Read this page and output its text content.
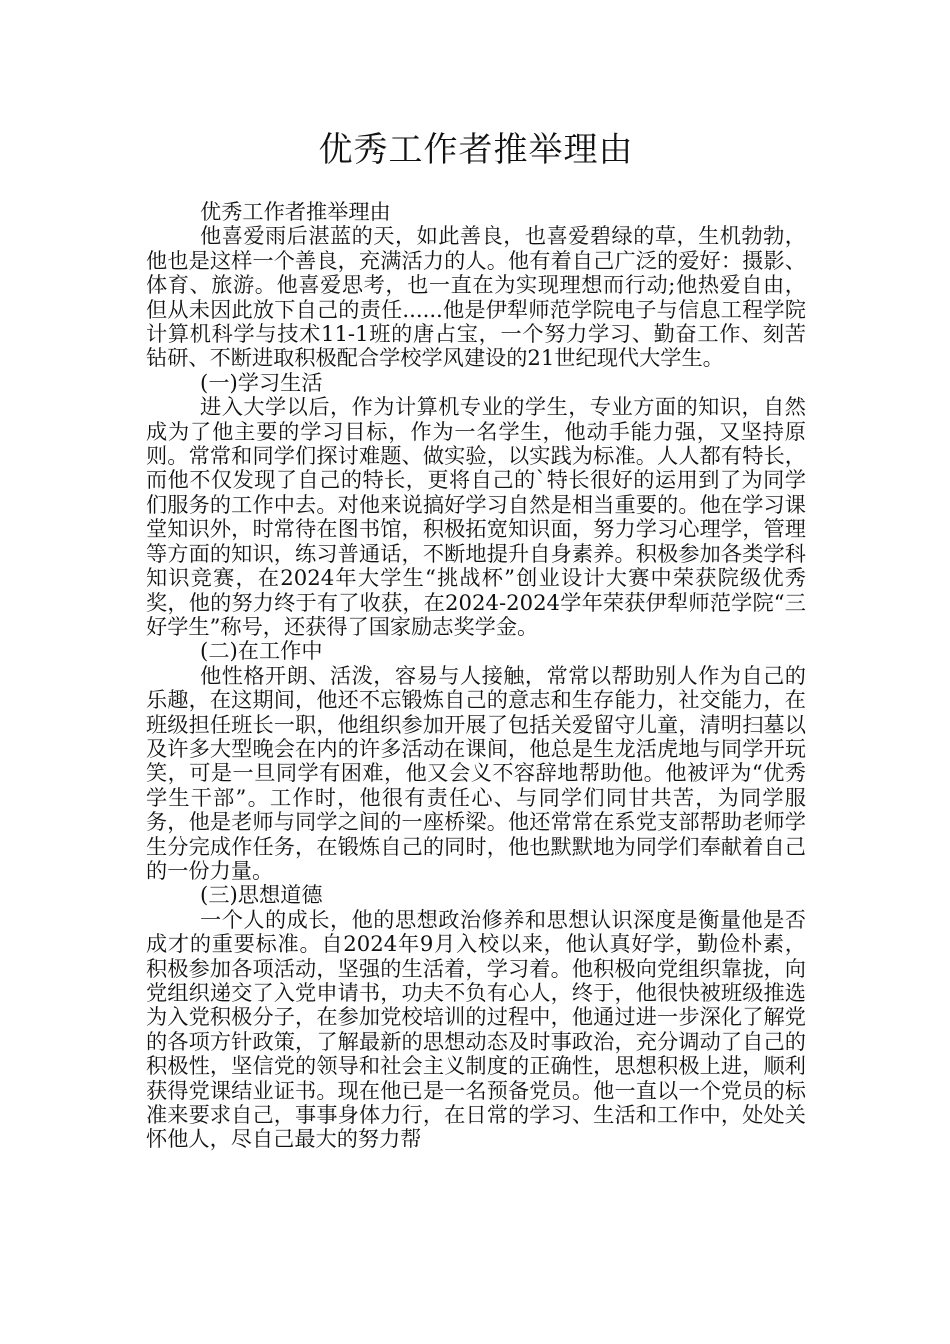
优秀工作者推举理由

优秀工作者推举理由

他喜爱雨后湛蓝的天，如此善良，也喜爱碧绿的草，生机勃勃，他也是这样一个善良，充满活力的人。他有着自己广泛的爱好：摄影、体育、旅游。他喜爱思考，也一直在为实现理想而行动;他热爱自由，但从未因此放下自己的责任......他是伊犁师范学院电子与信息工程学院计算机科学与技术11-1班的唐占宝，一个努力学习、勤奋工作、刻苦钻研、不断进取积极配合学校学风建设的21世纪现代大学生。

(一)学习生活

进入大学以后，作为计算机专业的学生，专业方面的知识，自然成为了他主要的学习目标，作为一名学生，他动手能力强，又坚持原则。常常和同学们探讨难题、做实验，以实践为标准。人人都有特长，而他不仅发现了自己的特长，更将自己的`特长很好的运用到了为同学们服务的工作中去。对他来说搞好学习自然是相当重要的。他在学习课堂知识外，时常待在图书馆，积极拓宽知识面，努力学习心理学，管理等方面的知识，练习普通话，不断地提升自身素养。积极参加各类学科知识竞赛，在2024年大学生“挑战杯”创业设计大赛中荣获院级优秀奖，他的努力终于有了收获，在2024-2024学年荣获伊犁师范学院“三好学生”称号，还获得了国家励志奖学金。

(二)在工作中

他性格开朗、活泼，容易与人接触，常常以帮助别人作为自己的乐趣，在这期间，他还不忘锻炼自己的意志和生存能力，社交能力，在班级担任班长一职，他组织参加开展了包括关爱留守儿童，清明扫墓以及许多大型晚会在内的许多活动在课间，他总是生龙活虎地与同学开玩笑，可是一旦同学有困难，他又会义不容辞地帮助他。他被评为“优秀学生干部”。工作时，他很有责任心、与同学们同甘共苦，为同学服务，他是老师与同学之间的一座桥梁。他还常常在系党支部帮助老师学生分完成作任务，在锻炼自己的同时，他也默默地为同学们奉献着自己的一份力量。

(三)思想道德

一个人的成长，他的思想政治修养和思想认识深度是衡量他是否成才的重要标准。自2024年9月入校以来，他认真好学，勤俭朴素，积极参加各项活动，坚强的生活着，学习着。他积极向党组织靠拢，向党组织递交了入党申请书，功夫不负有心人，终于，他很快被班级推选为入党积极分子，在参加党校培训的过程中，他通过进一步深化了解党的各项方针政策，了解最新的思想动态及时事政治，充分调动了自己的积极性，坚信党的领导和社会主义制度的正确性，思想积极上进，顺利获得党课结业证书。现在他已是一名预备党员。他一直以一个党员的标准来要求自己，事事身体力行，在日常的学习、生活和工作中，处处关怀他人，尽自己最大的努力帮
